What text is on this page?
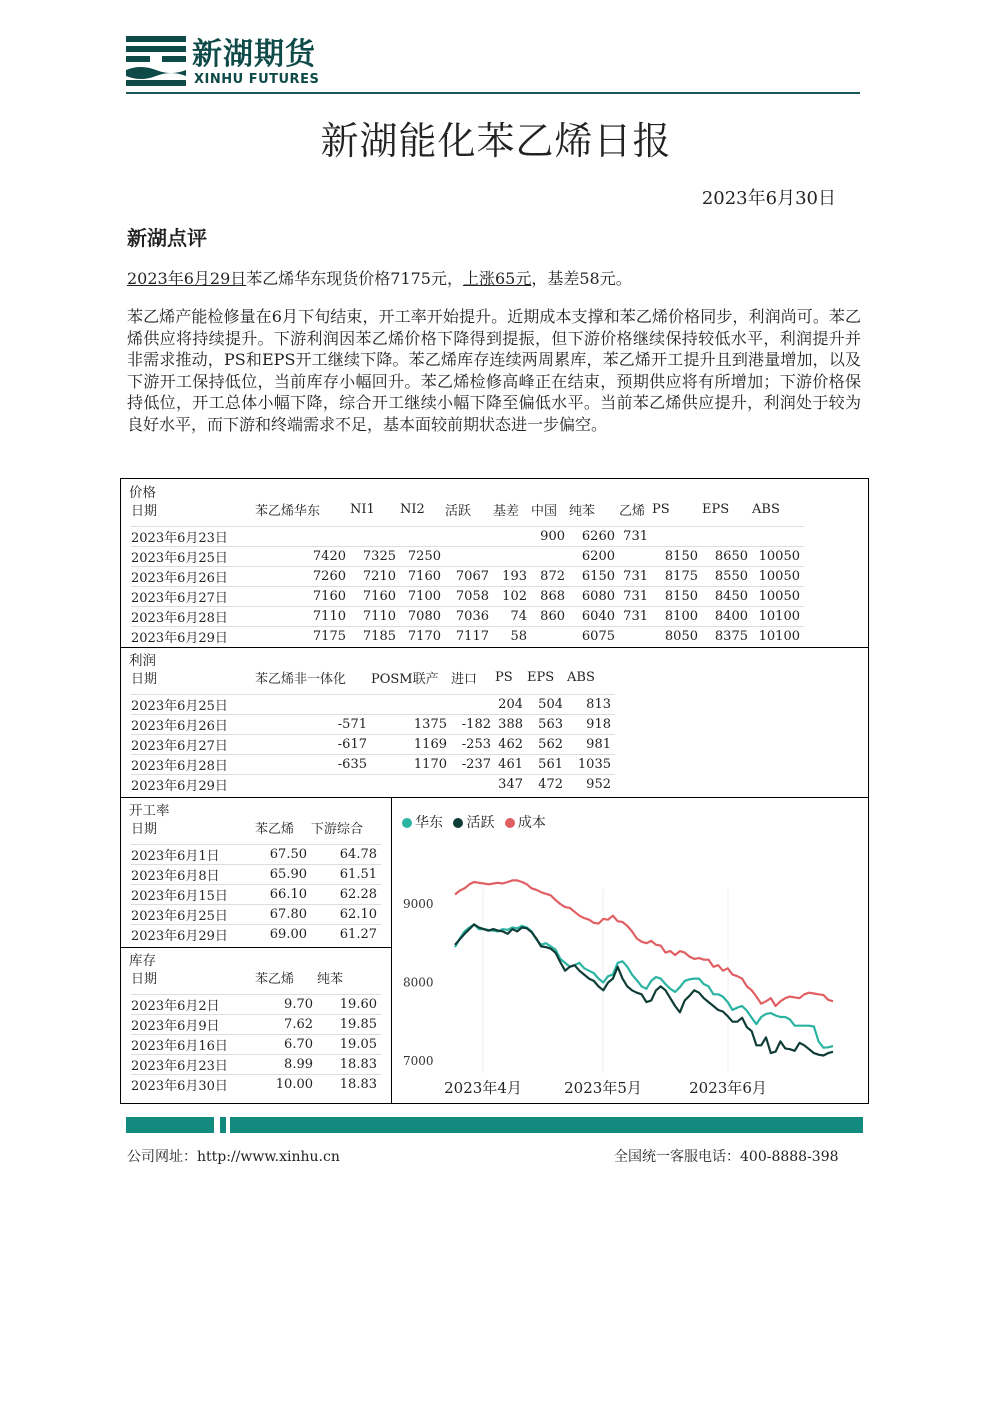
新湖期货
XINHU FUTURES
新湖能化苯乙烯日报
2023年6月30日
新湖点评
2023年6月29日苯乙烯华东现货价格7175元，上涨65元，基差58元。
苯乙烯产能检修量在6月下旬结束，开工率开始提升。近期成本支撑和苯乙烯价格同步，利润尚可。苯乙烯供应将持续提升。下游利润因苯乙烯价格下降得到提振，但下游价格继续保持较低水平，利润提升并非需求推动，PS和EPS开工继续下降。苯乙烯库存连续两周累库，苯乙烯开工提升且到港量增加，以及下游开工保持低位，当前库存小幅回升。苯乙烯检修高峰正在结束，预期供应将有所增加；下游价格保持低位，开工总体小幅下降，综合开工继续小幅下降至偏低水平。当前苯乙烯供应提升，利润处于较为良好水平，而下游和终端需求不足，基本面较前期状态进一步偏空。
价格
日期	苯乙烯华东	NI1	NI2	活跃	基差	中国	纯苯	乙烯	PS	EPS	ABS

2023年6月23日						900	6260	731			
2023年6月25日	7420	7325	7250				6200		8150	8650	10050
2023年6月26日	7260	7210	7160	7067	193	872	6150	731	8175	8550	10050
2023年6月27日	7160	7160	7100	7058	102	868	6080	731	8150	8450	10050
2023年6月28日	7110	7110	7080	7036	74	860	6040	731	8100	8400	10100
2023年6月29日	7175	7185	7170	7117	58		6075		8050	8375	10100
利润
日期	苯乙烯非一体化	POSM联产	进口	PS	EPS	ABS

2023年6月25日				204	504	813
2023年6月26日	-571	1375	-182	388	563	918
2023年6月27日	-617	1169	-253	462	562	981
2023年6月28日	-635	1170	-237	461	561	1035
2023年6月29日				347	472	952
开工率
日期	苯乙烯	下游综合

2023年6月1日	67.50	64.78
2023年6月8日	65.90	61.51
2023年6月15日	66.10	62.28
2023年6月25日	67.80	62.10
2023年6月29日	69.00	61.27
库存
日期	苯乙烯	纯苯

2023年6月2日	9.70	19.60
2023年6月9日	7.62	19.85
2023年6月16日	6.70	19.05
2023年6月23日	8.99	18.83
2023年6月30日	10.00	18.83
华东 活跃 成本
9000
8000
7000
2023年4月	2023年5月	2023年6月
公司网址：http://www.xinhu.cn	全国统一客服电话：400-8888-398
